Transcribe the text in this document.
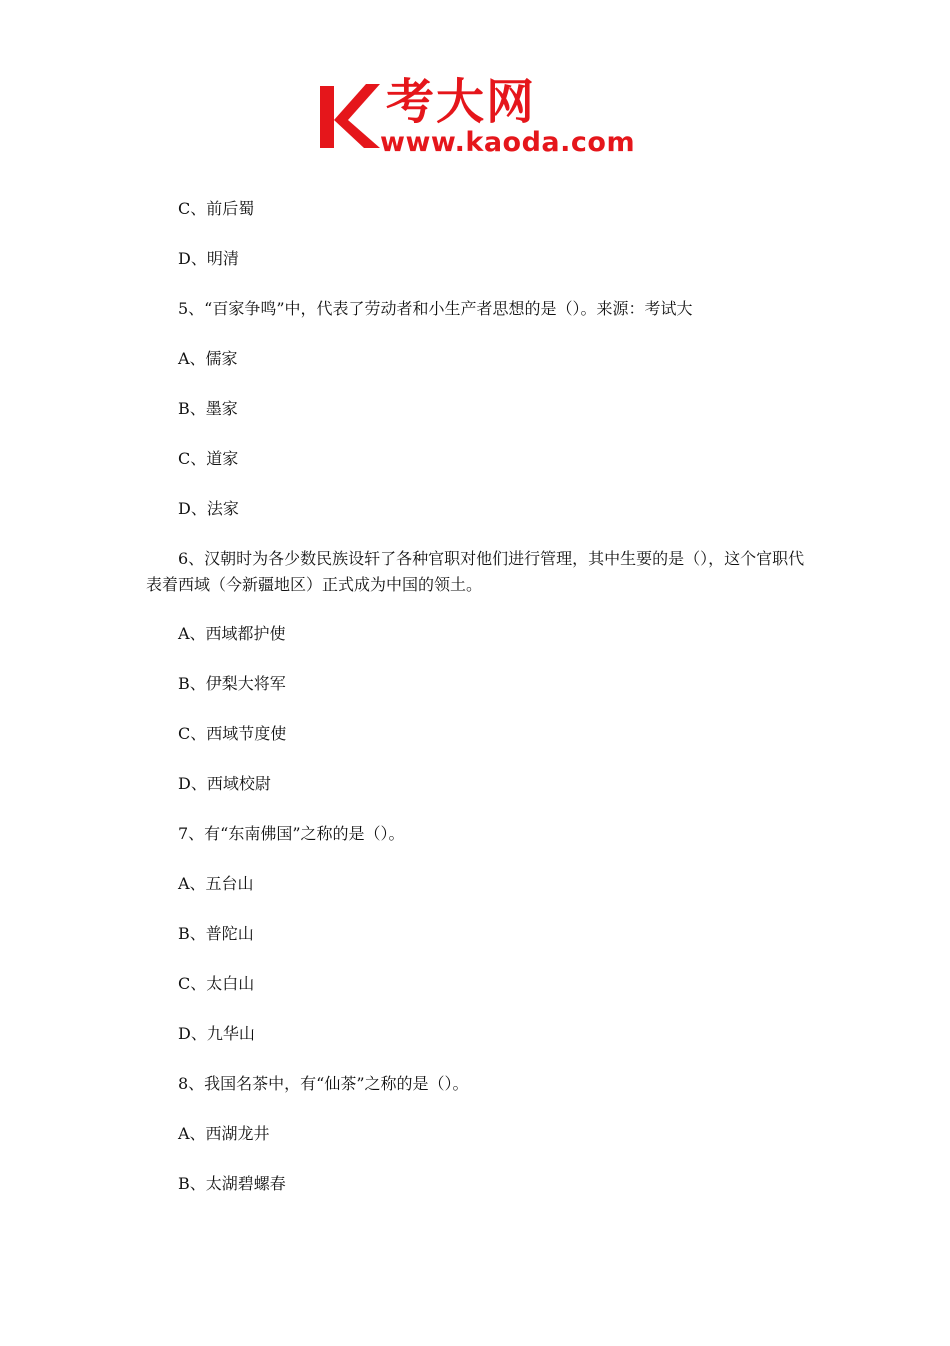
考大网
www.kaoda.com
C、前后蜀
D、明清
5、“百家争鸣”中，代表了劳动者和小生产者思想的是（）。来源：考试大
A、儒家
B、墨家
C、道家
D、法家
6、汉朝时为各少数民族设轩了各种官职对他们进行管理，其中生要的是（），这个官职代表着西域（今新疆地区）正式成为中国的领土。
A、西域都护使
B、伊梨大将军
C、西域节度使
D、西域校尉
7、有“东南佛国”之称的是（）。
A、五台山
B、普陀山
C、太白山
D、九华山
8、我国名茶中，有“仙茶”之称的是（）。
A、西湖龙井
B、太湖碧螺春
